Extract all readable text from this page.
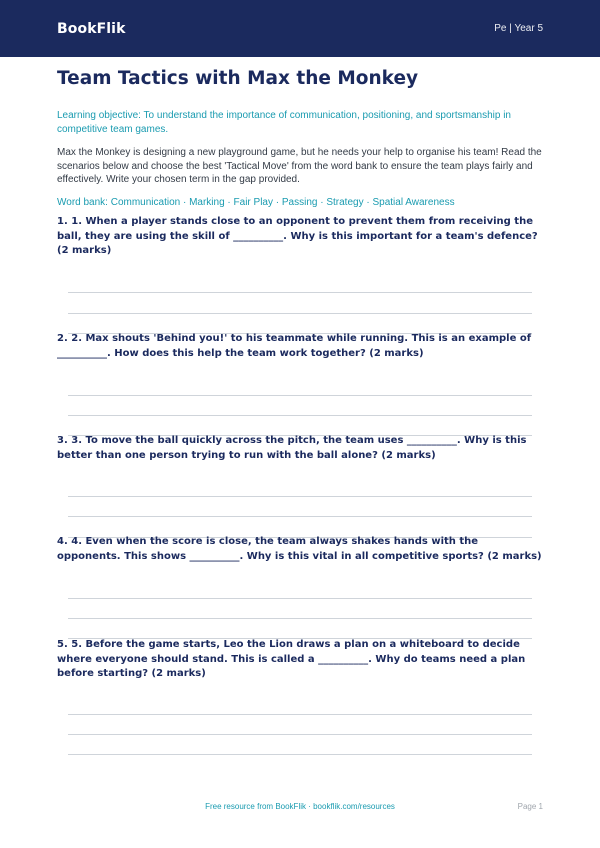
BookFlik	Pe | Year 5
Team Tactics with Max the Monkey

Learning objective: To understand the importance of communication, positioning, and sportsmanship in competitive team games.

Max the Monkey is designing a new playground game, but he needs your help to organise his team! Read the scenarios below and choose the best 'Tactical Move' from the word bank to ensure the team plays fairly and effectively. Write your chosen term in the gap provided.

Word bank: Communication · Marking · Fair Play · Passing · Strategy · Spatial Awareness

1. 1. When a player stands close to an opponent to prevent them from receiving the ball, they are using the skill of __________. Why is this important for a team's defence? (2 marks)

2. 2. Max shouts 'Behind you!' to his teammate while running. This is an example of __________. How does this help the team work together? (2 marks)

3. 3. To move the ball quickly across the pitch, the team uses __________. Why is this better than one person trying to run with the ball alone? (2 marks)

4. 4. Even when the score is close, the team always shakes hands with the opponents. This shows __________. Why is this vital in all competitive sports? (2 marks)

5. 5. Before the game starts, Leo the Lion draws a plan on a whiteboard to decide where everyone should stand. This is called a __________. Why do teams need a plan before starting? (2 marks)

Free resource from BookFlik · bookflik.com/resources	Page 1
